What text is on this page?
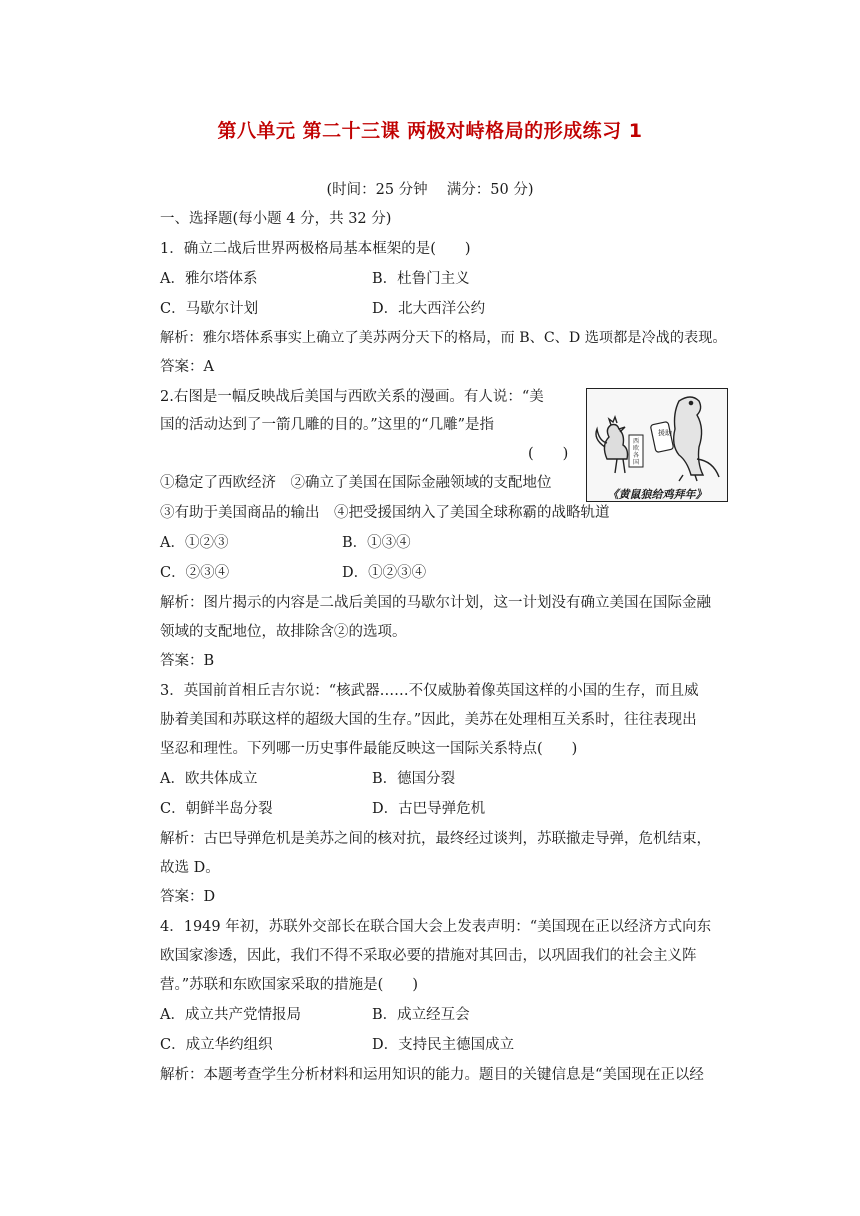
第八单元 第二十三课 两极对峙格局的形成练习 1
(时间：25 分钟　 满分：50 分)
一、选择题(每小题 4 分，共 32 分)
1．确立二战后世界两极格局基本框架的是(　　)
A．雅尔塔体系	B．杜鲁门主义
C．马歇尔计划	D．北大西洋公约
解析：雅尔塔体系事实上确立了美苏两分天下的格局，而 B、C、D 选项都是冷战的表现。
答案：A
2.右图是一幅反映战后美国与西欧关系的漫画。有人说：“美
国的活动达到了一箭几雕的目的。”这里的“几雕”是指
(　　)
援助
西欧各国
《黄鼠狼给鸡拜年》
①稳定了西欧经济　②确立了美国在国际金融领域的支配地位
③有助于美国商品的输出　④把受援国纳入了美国全球称霸的战略轨道
A．①②③	B．①③④
C．②③④	D．①②③④
解析：图片揭示的内容是二战后美国的马歇尔计划，这一计划没有确立美国在国际金融
领域的支配地位，故排除含②的选项。
答案：B
3．英国前首相丘吉尔说：“核武器……不仅威胁着像英国这样的小国的生存，而且威
胁着美国和苏联这样的超级大国的生存。”因此，美苏在处理相互关系时，往往表现出
坚忍和理性。下列哪一历史事件最能反映这一国际关系特点(　　)
A．欧共体成立	B．德国分裂
C．朝鲜半岛分裂	D．古巴导弹危机
解析：古巴导弹危机是美苏之间的核对抗，最终经过谈判，苏联撤走导弹，危机结束，
故选 D。
答案：D
4．1949 年初，苏联外交部长在联合国大会上发表声明：“美国现在正以经济方式向东
欧国家渗透，因此，我们不得不采取必要的措施对其回击，以巩固我们的社会主义阵
营。”苏联和东欧国家采取的措施是(　　)
A．成立共产党情报局	B．成立经互会
C．成立华约组织	D．支持民主德国成立
解析：本题考查学生分析材料和运用知识的能力。题目的关键信息是“美国现在正以经
